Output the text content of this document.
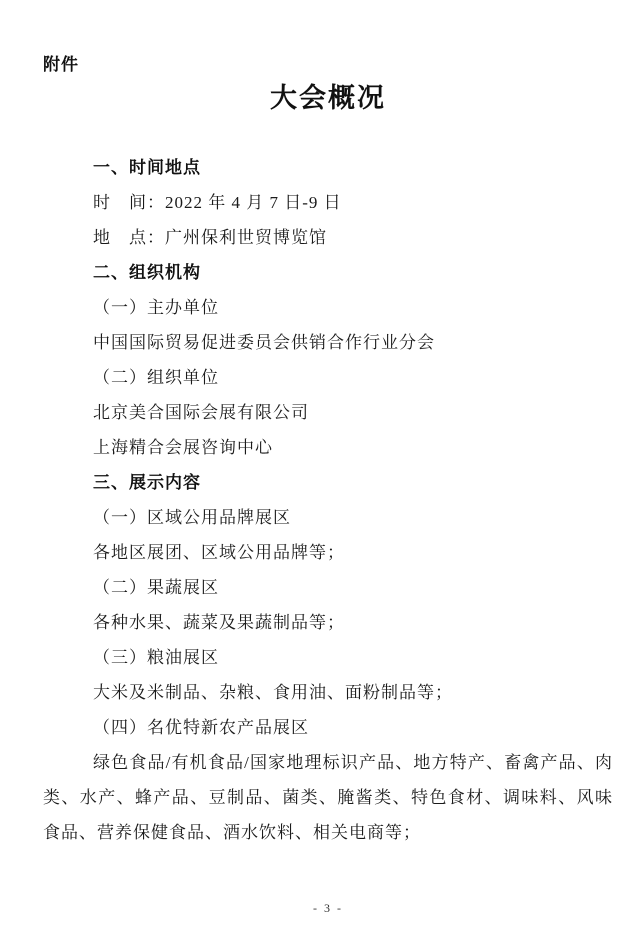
附件
大会概况
一、时间地点
时　间：2022 年 4 月 7 日-9 日
地　点：广州保利世贸博览馆
二、组织机构
（一）主办单位
中国国际贸易促进委员会供销合作行业分会
（二）组织单位
北京美合国际会展有限公司
上海精合会展咨询中心
三、展示内容
（一）区域公用品牌展区
各地区展团、区域公用品牌等；
（二）果蔬展区
各种水果、蔬菜及果蔬制品等；
（三）粮油展区
大米及米制品、杂粮、食用油、面粉制品等；
（四）名优特新农产品展区
绿色食品/有机食品/国家地理标识产品、地方特产、畜禽产品、肉类、水产、蜂产品、豆制品、菌类、腌酱类、特色食材、调味料、风味食品、营养保健食品、酒水饮料、相关电商等；
- 3 -
